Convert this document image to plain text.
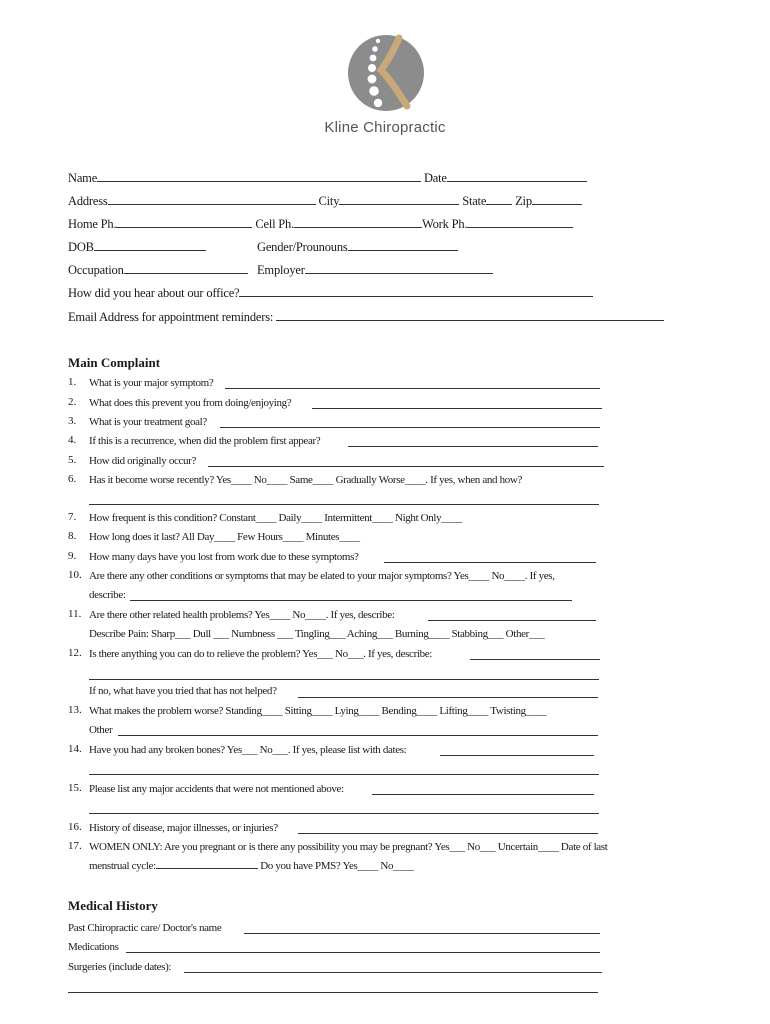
Kline Chiropractic
Name	Date
Address	City	State Zip
Home Ph.	Cell Ph.	Work Ph.
DOB	Gender/Prounouns
Occupation	Employer
How did you hear about our office?
Email Address for appointment reminders:
Main Complaint
1. What is your major symptom?
2. What does this prevent you from doing/enjoying?
3. What is your treatment goal?
4. If this is a recurrence, when did the problem first appear?
5. How did originally occur?
6. Has it become worse recently? Yes____ No____ Same____ Gradually Worse____. If yes, when and how?
7. How frequent is this condition? Constant____ Daily____ Intermittent____ Night Only____
8. How long does it last? All Day____ Few Hours____ Minutes____
9. How many days have you lost from work due to these symptoms?
10. Are there any other conditions or symptoms that may be elated to your major symptoms? Yes____ No____. If yes,
describe:
11. Are there other related health problems? Yes____ No____. If yes, describe:
Describe Pain: Sharp___ Dull ___ Numbness ___ Tingling___ Aching___ Burning____ Stabbing___ Other___
12. Is there anything you can do to relieve the problem? Yes___ No___. If yes, describe:
If no, what have you tried that has not helped?
13. What makes the problem worse? Standing____ Sitting____ Lying____ Bending____ Lifting____ Twisting____
Other
14. Have you had any broken bones? Yes___ No___. If yes, please list with dates:
15. Please list any major accidents that were not mentioned above:
16. History of disease, major illnesses, or injuries?
17. WOMEN ONLY: Are you pregnant or is there any possibility you may be pregnant? Yes___ No___ Uncertain____ Date of last
menstrual cycle:	Do you have PMS? Yes____ No____
Medical History
Past Chiropractic care/ Doctor's name
Medications
Surgeries (include dates):
